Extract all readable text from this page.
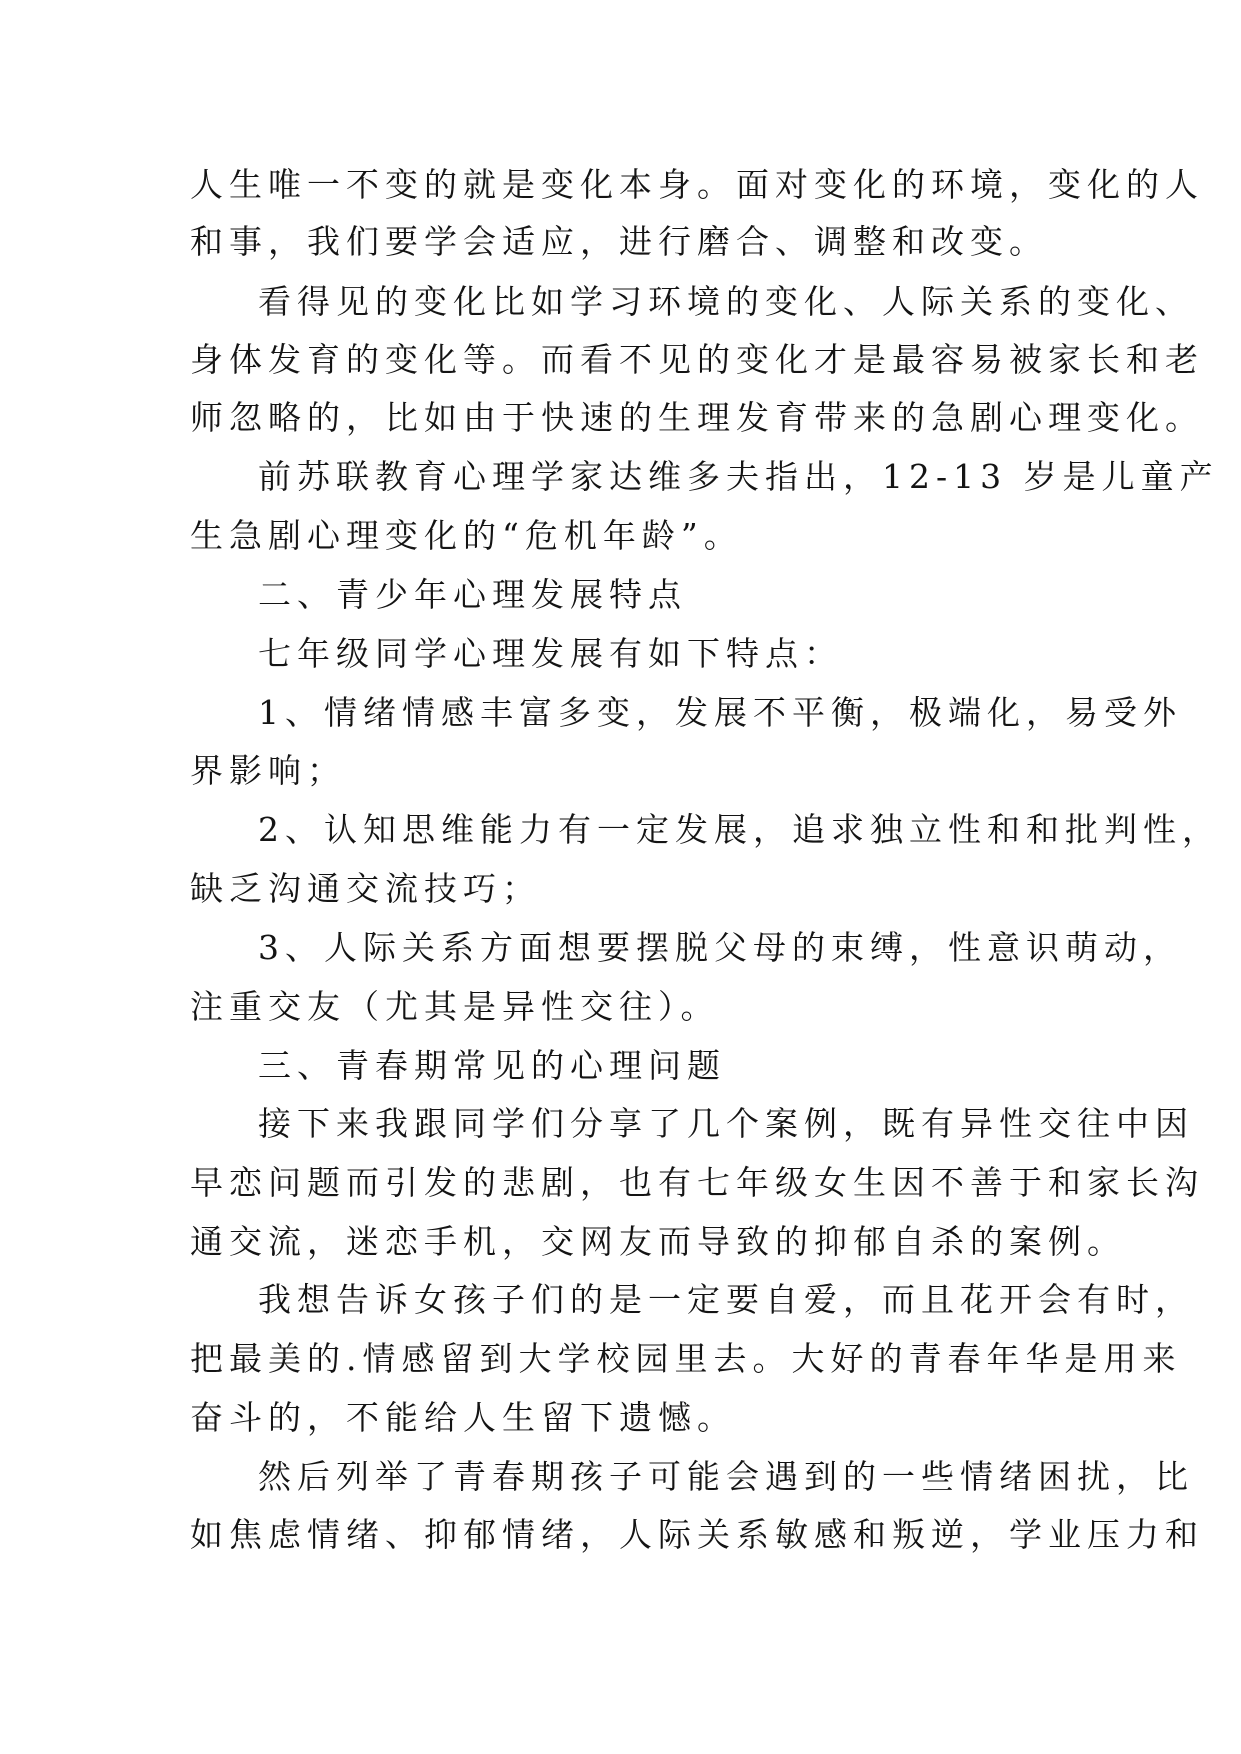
人生唯一不变的就是变化本身。面对变化的环境，变化的人
和事，我们要学会适应，进行磨合、调整和改变。
看得见的变化比如学习环境的变化、人际关系的变化、
身体发育的变化等。而看不见的变化才是最容易被家长和老
师忽略的，比如由于快速的生理发育带来的急剧心理变化。
前苏联教育心理学家达维多夫指出，12-13 岁是儿童产
生急剧心理变化的“危机年龄”。
二、青少年心理发展特点
七年级同学心理发展有如下特点：
1、情绪情感丰富多变，发展不平衡，极端化，易受外
界影响；
2、认知思维能力有一定发展，追求独立性和和批判性，
缺乏沟通交流技巧；
3、人际关系方面想要摆脱父母的束缚，性意识萌动，
注重交友（尤其是异性交往）。
三、青春期常见的心理问题
接下来我跟同学们分享了几个案例，既有异性交往中因
早恋问题而引发的悲剧，也有七年级女生因不善于和家长沟
通交流，迷恋手机，交网友而导致的抑郁自杀的案例。
我想告诉女孩子们的是一定要自爱，而且花开会有时，
把最美的.情感留到大学校园里去。大好的青春年华是用来
奋斗的，不能给人生留下遗憾。
然后列举了青春期孩子可能会遇到的一些情绪困扰，比
如焦虑情绪、抑郁情绪，人际关系敏感和叛逆，学业压力和
